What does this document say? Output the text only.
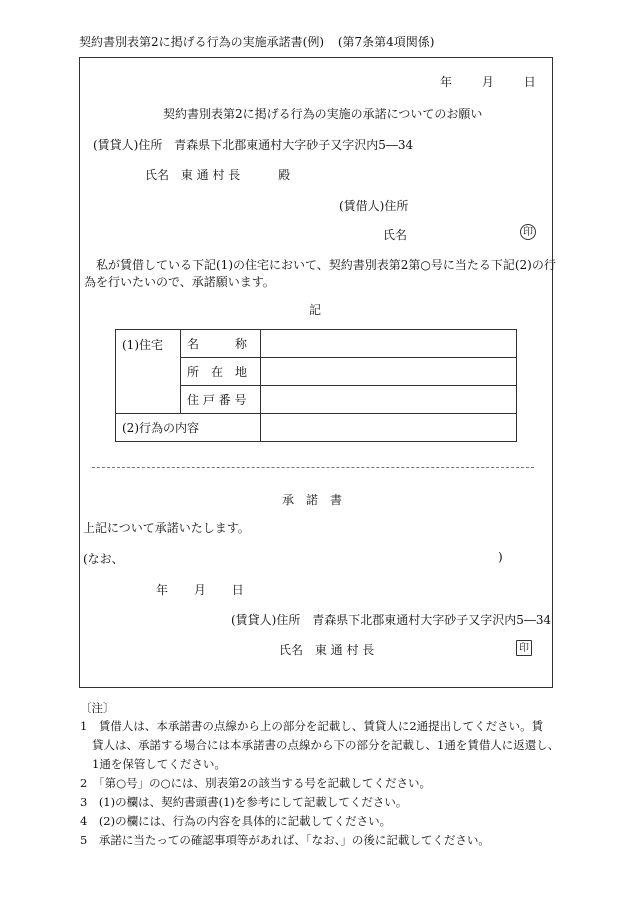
契約書別表第2に掲げる行為の実施承諾書(例) (第7条第4項関係)
年 月 日
契約書別表第2に掲げる行為の実施の承諾についてのお願い
(賃貸人)住所 青森県下北郡東通村大字砂子又字沢内5―34
氏名 東 通 村 長	殿
(賃借人)住所
氏名	印
私が賃借している下記(1)の住宅において、契約書別表第2第○号に当たる下記(2)の行
為を行いたいので、承諾願います。
記
(1)住宅	名　　　称	
	所　在　地	
	住 戸 番 号	
(2)行為の内容		
承　諾　書
上記について承諾いたします。
(なお、	)
年 月 日
(賃貸人)住所 青森県下北郡東通村大字砂子又字沢内5―34
氏名 東 通 村 長	印
〔注〕
1　賃借人は、本承諾書の点線から上の部分を記載し、賃貸人に2通提出してください。賃
貸人は、承諾する場合には本承諾書の点線から下の部分を記載し、1通を賃借人に返還し、
1通を保管してください。
2　「第○号」の○には、別表第2の該当する号を記載してください。
3　(1)の欄は、契約書頭書(1)を参考にして記載してください。
4　(2)の欄には、行為の内容を具体的に記載してください。
5　承諾に当たっての確認事項等があれば、「なお、」の後に記載してください。
